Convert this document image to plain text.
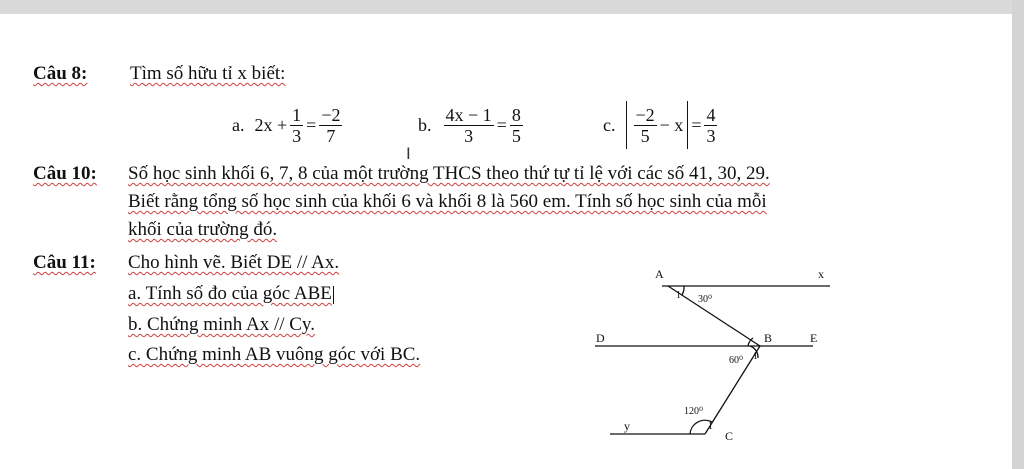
Câu 8: Tìm số hữu tỉ x biết:
a. $2x + \frac{1}{3} = \frac{-2}{7}$	b. $\frac{4x - 1}{3} = \frac{8}{5}$	c. $\frac{-2}{5} - x = \frac{4}{3}$
I
Câu 10: Số học sinh khối 6, 7, 8 của một trường THCS theo thứ tự tỉ lệ với các số 41, 30, 29.
Biết rằng tổng số học sinh của khối 6 và khối 8 là 560 em. Tính số học sinh của mỗi
khối của trường đó.
Câu 11: Cho hình vẽ. Biết DE // Ax.
a. Tính số đo của góc ABE
b. Chứng minh Ax // Cy.
c. Chứng minh AB vuông góc với BC.
A	x
D	B	E
y
C
30⁰
1
60⁰ 1
120⁰
1
